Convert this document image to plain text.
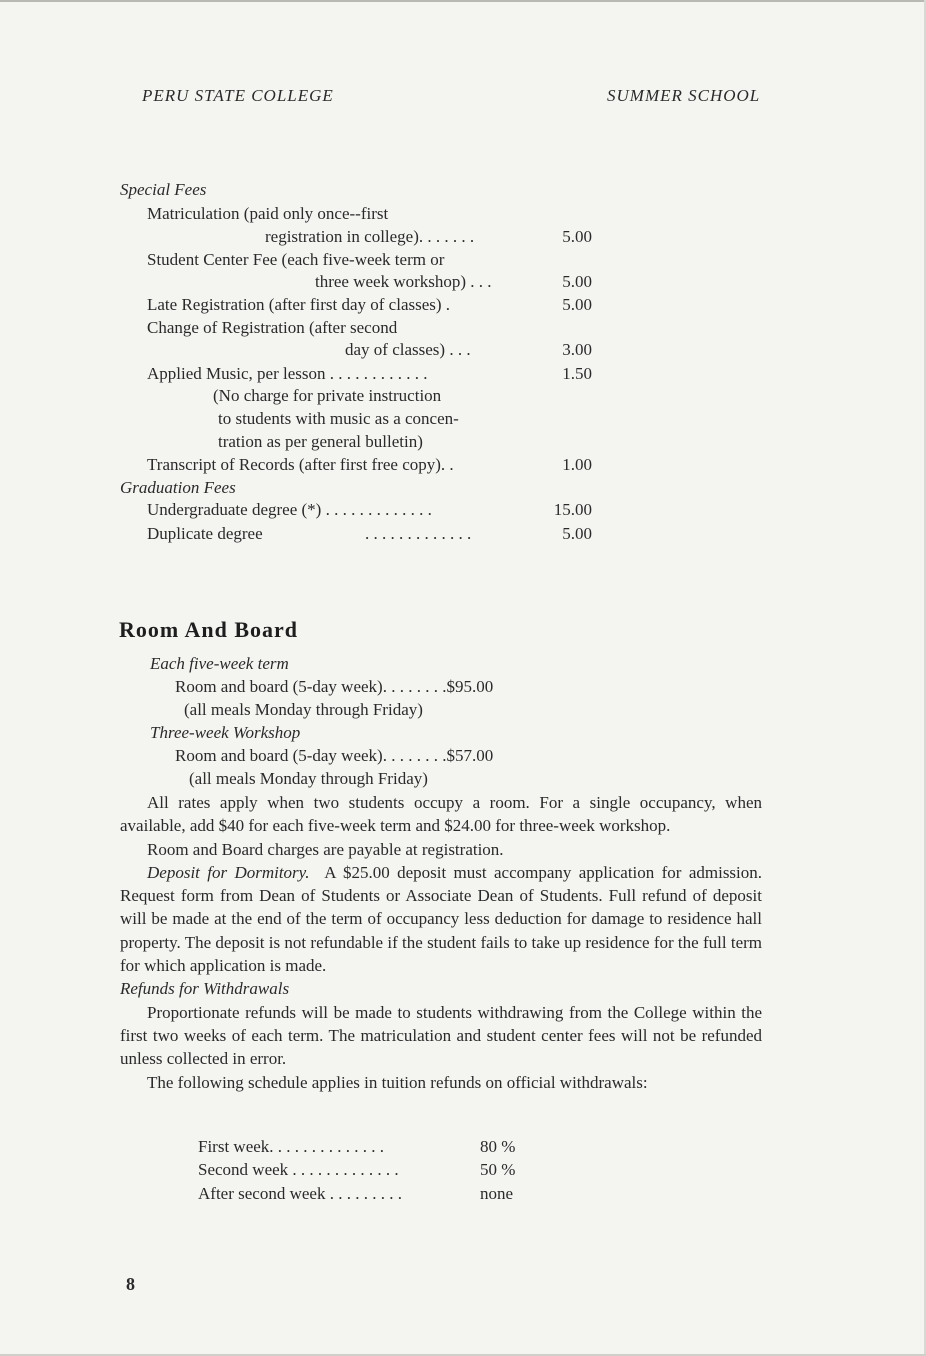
PERU STATE COLLEGE	SUMMER SCHOOL
Special Fees
Matriculation (paid only once--first
registration in college). . . . . . .	5.00
Student Center Fee (each five-week term or
three week workshop) . . .	5.00
Late Registration (after first day of classes) .	5.00
Change of Registration (after second
day of classes) . . .	3.00
Applied Music, per lesson . . . . . . . . . . . .	1.50
(No charge for private instruction
to students with music as a concen-
tration as per general bulletin)
Transcript of Records (after first free copy). .	1.00
Graduation Fees
Undergraduate degree (*) . . . . . . . . . . . . .	15.00
Duplicate degree	. . . . . . . . . . . . .	5.00
Room And Board
Each five-week term
Room and board (5-day week). . . . . . . .$95.00
(all meals Monday through Friday)
Three-week Workshop
Room and board (5-day week). . . . . . . .$57.00
(all meals Monday through Friday)

All rates apply when two students occupy a room. For a single occupancy, when available, add $40 for each five-week term and $24.00 for three-week workshop.

Room and Board charges are payable at registration.

Deposit for Dormitory. A $25.00 deposit must accompany application for admission. Request form from Dean of Students or Associate Dean of Students. Full refund of deposit will be made at the end of the term of occupancy less deduction for damage to residence hall property. The deposit is not refundable if the student fails to take up residence for the full term for which application is made.

Refunds for Withdrawals

Proportionate refunds will be made to students withdrawing from the College within the first two weeks of each term. The matriculation and student center fees will not be refunded unless collected in error.

The following schedule applies in tuition refunds on official withdrawals:

First week. . . . . . . . . . . . . .	80 %
Second week . . . . . . . . . . . . .	50 %
After second week . . . . . . . . .	none
8
